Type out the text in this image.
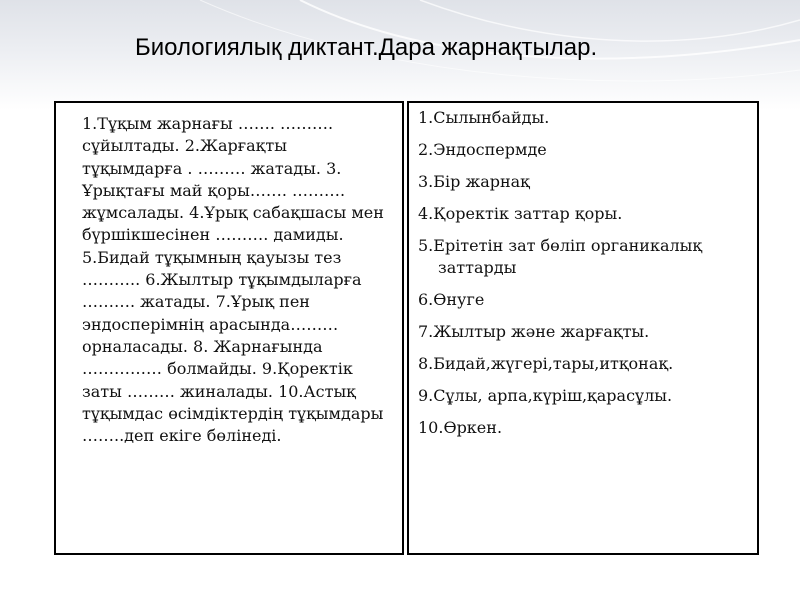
Биологиялық диктант.Дара жарнақтылар.
1.Тұқым жарнағы ……. ………. сұйылтады. 2.Жарғақты тұқымдарға . ……… жатады. 3. Ұрықтағы май қоры……. ………. жұмсалады. 4.Ұрық сабақшасы мен бүршікшесінен ………. дамиды. 5.Бидай тұқымның қауызы тез ……….. 6.Жылтыр тұқымдыларға ………. жатады. 7.Ұрық пен эндосперімнің арасында……… орналасады. 8. Жарнағында …………… болмайды. 9.Қоректік заты ……… жиналады. 10.Астық тұқымдас өсімдіктердің тұқымдары ……..деп екіге бөлінеді.
1.Сылынбайды.
2.Эндоспермде
3.Бір жарнақ
4.Қоректік заттар қоры.
5.Ерітетін зат бөліп органикалық заттарды
6.Өнуге
7.Жылтыр және жарғақты.
8.Бидай,жүгері,тары,итқонақ.
9.Сұлы, арпа,күріш,қарасұлы.
10.Өркен.
